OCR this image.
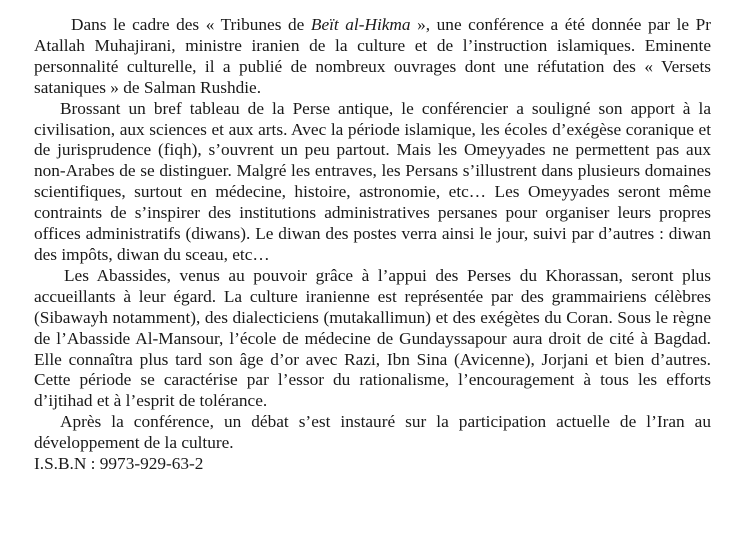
Dans le cadre des « Tribunes de Beït al-Hikma », une conférence a été donnée par le Pr Atallah Muhajirani, ministre iranien de la culture et de l’instruction islamiques. Eminente personnalité culturelle, il a publié de nombreux ouvrages dont une réfutation des « Versets sataniques » de Salman Rushdie.

Brossant un bref tableau de la Perse antique, le conférencier a souligné son apport à la civilisation, aux sciences et aux arts. Avec la période islamique, les écoles d’exégèse coranique et de jurisprudence (fiqh), s’ouvrent un peu partout. Mais les Omeyyades ne permettent pas aux non-Arabes de se distinguer. Malgré les entraves, les Persans s’illustrent dans plusieurs domaines scientifiques, surtout en médecine, histoire, astronomie, etc… Les Omeyyades seront même contraints de s’inspirer des institutions administratives persanes pour organiser leurs propres offices administratifs (diwans). Le diwan des postes verra ainsi le jour, suivi par d’autres : diwan des impôts, diwan du sceau, etc…

Les Abassides, venus au pouvoir grâce à l’appui des Perses du Khorassan, seront plus accueillants à leur égard. La culture iranienne est représentée par des grammairiens célèbres (Sibawayh notamment), des dialecticiens (mutakallimun) et des exégètes du Coran. Sous le règne de l’Abasside Al-Mansour, l’école de médecine de Gundayssapour aura droit de cité à Bagdad. Elle connaîtra plus tard son âge d’or avec Razi, Ibn Sina (Avicenne), Jorjani et bien d’autres. Cette période se caractérise par l’essor du rationalisme, l’encouragement à tous les efforts d’ijtihad et à l’esprit de tolérance.

Après la conférence, un débat s’est instauré sur la participation actuelle de l’Iran au développement de la culture.

I.S.B.N : 9973-929-63-2
